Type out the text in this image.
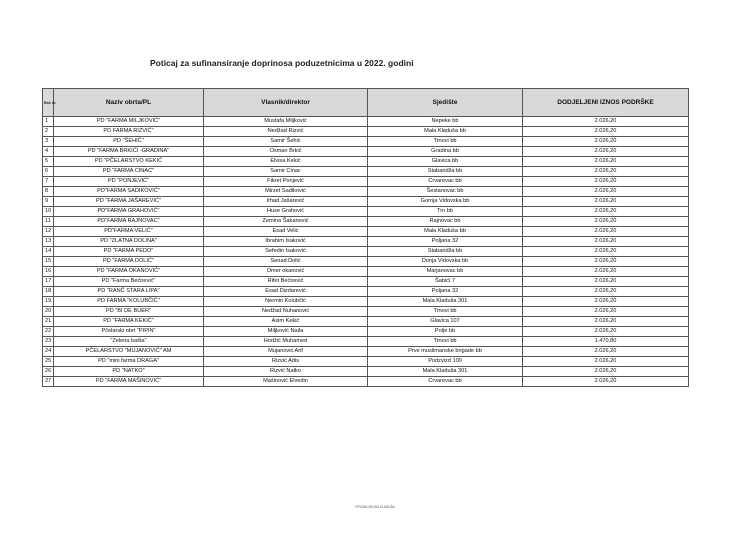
Poticaj za sufinansiranje doprinosa poduzetnicima u 2022. godini
Red. br.	Naziv obrta/PL	Vlasnik/direktor	Sjedište	DODJELJENI IZNOS PODRŠKE
1	PD "FARMA MILJKOVIĆ"	Mustafa Miljković	Nepeke bb	2.026,20
2	PD FARMA RIZVIĆ"	Nedžad Rizvić	Mala Kladuša bb	2.026,20
3	PD "ŠEHIĆ"	Samir Šehić	Trnovi bb	2.026,20
4	PD "FARMA BRKIĆI -GRADINA"	Osman Brkić	Gradina bb	2.026,20
5	PD "PČELARSTVO KEKIĆ	Elvisa Kekić	Glavica bb	2.026,20
6	PD "FARMA CINAC"	Samir Cinac	Stabandža bb	2.026,20
7	PD "PONJEVIĆ"	Fikret Ponjević	Crvarevac bb	2.026,20
8	PD"FARMA SADIKOVIĆ"	Mirzet Sadiković	Šestanovac bb	2.026,20
9	PD "FARMA JAŠAREVIĆ"	Irhad Jašarević	Gornja Vidovska bb	2.026,20
10	PD"FARMA GRAHOVIĆ"	Huse Grahović	Trn bb	2.026,20
11	PD"FARMA RAJNOVAC"	Zemina Šakanović	Rajnovac bb	2.026,20
12	PD"FARMA VELIĆ"	Esad Velić	Mala Kladuša bb	2.026,20
13	PD "ZLATNA DOLINA"	Ibrahim Isaković	Poljana 32	2.026,20
14	PD "FARMA PEDO"	Sefedin Isaković	Stabandža bb	2.026,20
15	PD "FARMA DOLIĆ"	Senad Dolić	Donja Vidovska bb	2.026,20
16	PD "FARMA OKANOVIĆ"	Omer okanović	Marjanovac bb	2.026,20
17	PD "Farma Bećirević"	Rifet Bećirević	Šabići 7	2.026,20
18	PD "RANČ STARA LIPA"	Esad Dizdarević	Poljana 32	2.026,20
19	PD FARMA "KOLUBČIĆ"	Nermin Kolubčić	Mala Kladuša 301	2.026,20
20	PD "BI DE BUER"	Nedžad Nuhanović	Trnovi bb	2.026,20
21	PD "FARMA KEKIĆ"	Asim Kekić	Glavica 107	2.026,20
22	Pčelarski obrt "PIPIN"	Miljković Naila	Polje bb	2.026,20
23	"Zelena bašta"	Hodžić Muhamed	Trnovi bb	1.470,80
24	PČELARSTVO "MUJANOVIĆ" AM	Mujanović Arif	Prve muslimanske brigade bb	2.026,20
25	PD "mini farma DRAGA"	Rizvić Adis	Podzvizd 100	2.026,20
26	PD "NATKO"	Rizvić Natko	Mala Kladuša 301	2.026,20
27	PD "FARMA MAŠINOVIĆ"	Mašinović Elvedin	Crvarevac bb	2.026,20
OPĆINA VELIKA KLADUŠA
